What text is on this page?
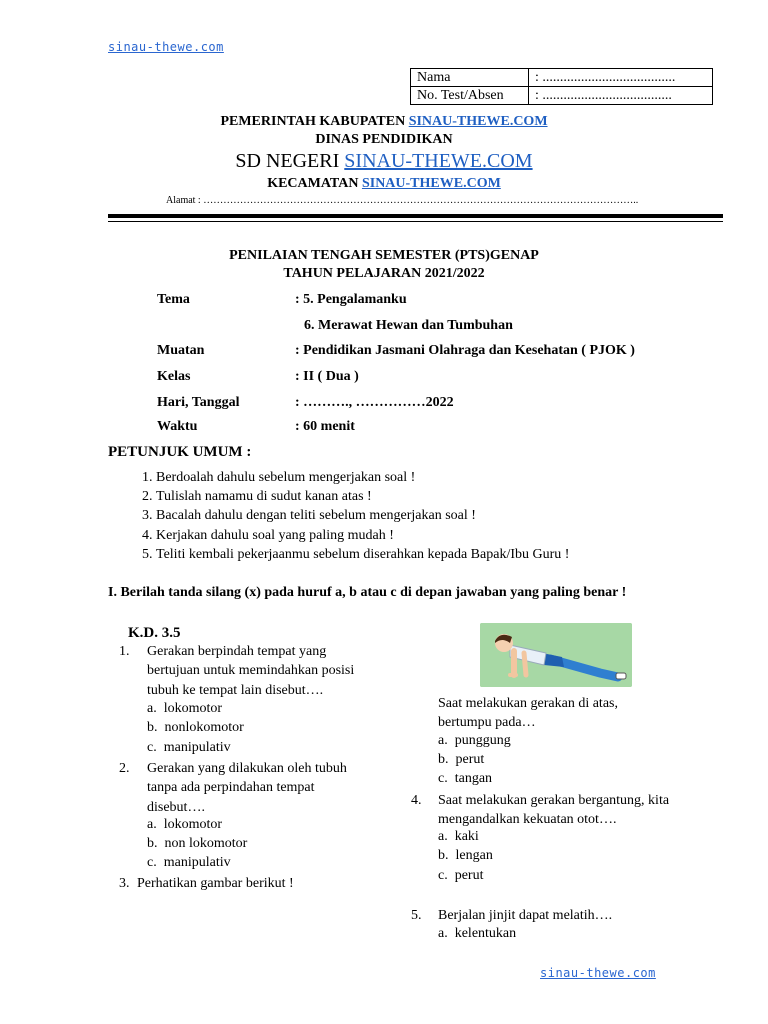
sinau-thewe.com
Nama	: ......................................
No. Test/Absen	: .....................................
PEMERINTAH KABUPATEN SINAU-THEWE.COM
DINAS PENDIDIKAN
SD NEGERI SINAU-THEWE.COM
KECAMATAN SINAU-THEWE.COM
Alamat : …………………………………………………………………………………………………………………..
PENILAIAN TENGAH SEMESTER (PTS)GENAP
TAHUN PELAJARAN 2021/2022
Tema	: 5. Pengalamanku
6. Merawat Hewan dan Tumbuhan
Muatan	: Pendidikan Jasmani Olahraga dan Kesehatan ( PJOK )
Kelas	: II ( Dua )
Hari, Tanggal	: ………., ……………2022
Waktu	: 60 menit
PETUNJUK UMUM :
1. Berdoalah dahulu sebelum mengerjakan soal !
2. Tulislah namamu di sudut kanan atas !
3. Bacalah dahulu dengan teliti sebelum mengerjakan soal !
4. Kerjakan dahulu soal yang paling mudah !
5. Teliti kembali pekerjaanmu sebelum diserahkan kepada Bapak/Ibu Guru !
I. Berilah tanda silang (x) pada huruf a, b atau c di depan jawaban yang paling benar !
K.D. 3.5
1. Gerakan berpindah tempat yang
bertujuan untuk memindahkan posisi
tubuh ke tempat lain disebut….
a. lokomotor
b. nonlokomotor
c. manipulativ
2. Gerakan yang dilakukan oleh tubuh
tanpa ada perpindahan tempat
disebut….
a. lokomotor
b. non lokomotor
c. manipulativ
3. Perhatikan gambar berikut !
Saat melakukan gerakan di atas,
bertumpu pada…
a. punggung
b. perut
c. tangan
4. Saat melakukan gerakan bergantung, kita
mengandalkan kekuatan otot….
a. kaki
b. lengan
c. perut
5. Berjalan jinjit dapat melatih….
a. kelentukan
sinau-thewe.com
